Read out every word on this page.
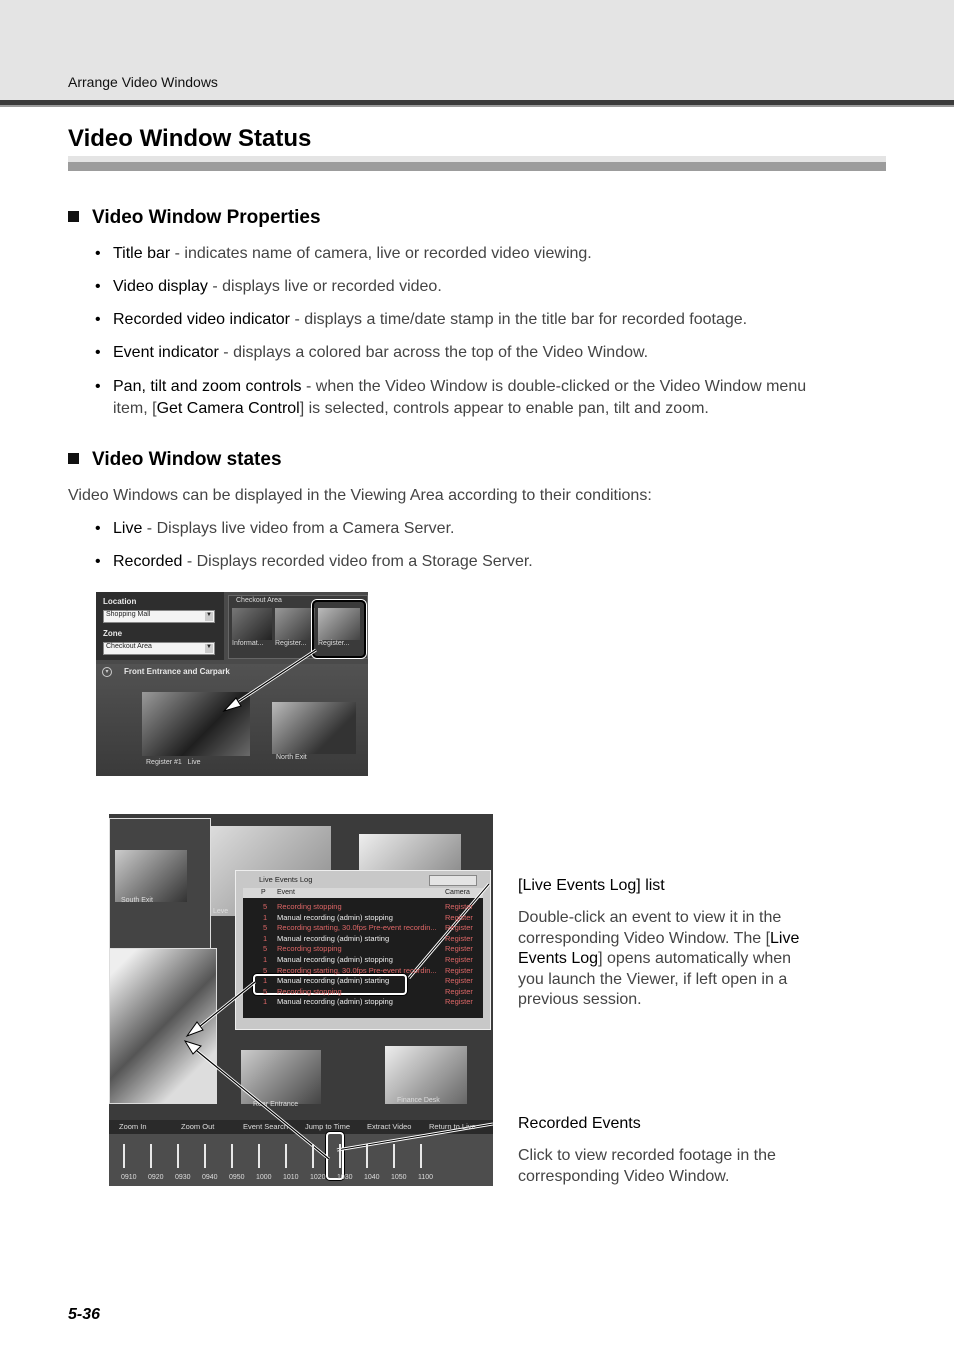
Arrange Video Windows
Video Window Status
Video Window Properties
• Title bar - indicates name of camera, live or recorded video viewing.
• Video display - displays live or recorded video.
• Recorded video indicator - displays a time/date stamp in the title bar for recorded footage.
• Event indicator - displays a colored bar across the top of the Video Window.
• Pan, tilt and zoom controls - when the Video Window is double-clicked or the Video Window menu item, [Get Camera Control] is selected, controls appear to enable pan, tilt and zoom.
Video Window states
Video Windows can be displayed in the Viewing Area according to their conditions:
• Live - Displays live video from a Camera Server.
• Recorded - Displays recorded video from a Storage Server.
Location
Shopping Mall	▼
Zone
Checkout Area	▼
Checkout Area
Informat... Register... Register...
▾	Front Entrance and Carpark
Register #1 Live
North Exit
South Exit
Leve
Live
Rear Entrance
Finance Desk
Live Events Log
P Event	Camera
5 Recording stopping	Register
1 Manual recording (admin) stopping	Register
5 Recording starting, 30.0fps Pre-event recordin... Register
1 Manual recording (admin) starting	Register
5 Recording stopping	Register
1 Manual recording (admin) stopping	Register
5 Recording starting, 30.0fps Pre-event recordin... Register
1 Manual recording (admin) starting	Register
5 Recording stopping	Register
1 Manual recording (admin) stopping	Register
Zoom In	Zoom Out	Event Search Jump to Time Extract Video Return to Live
0910 0920 0930 0940 0950 1000 1010 1020 1030 1040 1050 1100
[Live Events Log] list
Double-click an event to view it in the corresponding Video Window. The [Live Events Log] opens automatically when you launch the Viewer, if left open in a previous session.
Recorded Events
Click to view recorded footage in the corresponding Video Window.
5-36
